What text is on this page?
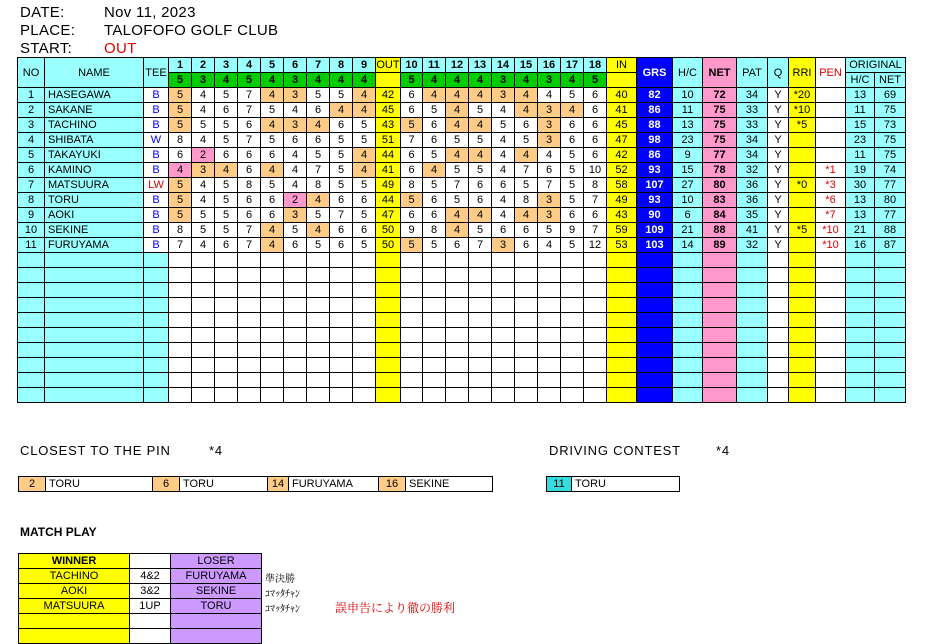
DATE:	Nov 11, 2023
PLACE: TALOFOFO GOLF CLUB
START: OUT
NO	NAME	TEE	1	2	3	4	5	6	7	8	9	OUT	10	11	12	13	14	15	16	17	18	IN	GRS	H/C	NET	PAT	Q	RRI	PEN	ORIGINAL	
			5	3	4	5	4	3	4	4	4		5	4	4	4	3	4	3	4	5									H/C	NET
1	HASEGAWA	B	5	4	5	7	4	3	5	5	4	42	6	4	4	4	3	4	4	5	6	40	82	10	72	34	Y	*20		13	69
2	SAKANE	B	5	4	6	7	5	4	6	4	4	45	6	5	4	5	4	4	3	4	6	41	86	11	75	33	Y	*10		11	75
3	TACHINO	B	5	5	5	6	4	3	4	6	5	43	5	6	4	4	5	6	3	6	6	45	88	13	75	33	Y	*5		15	73
4	SHIBATA	W	8	4	5	7	5	6	6	5	5	51	7	6	5	5	4	5	3	6	6	47	98	23	75	34	Y			23	75
5	TAKAYUKI	B	6	2	6	6	6	4	5	5	4	44	6	5	4	4	4	4	4	5	6	42	86	9	77	34	Y			11	75
6	KAMINO	B	4	3	4	6	4	4	7	5	4	41	6	4	5	5	4	7	6	5	10	52	93	15	78	32	Y		*1	19	74
7	MATSUURA	LW	5	4	5	8	5	4	8	5	5	49	8	5	7	6	6	5	7	5	8	58	107	27	80	36	Y	*0	*3	30	77
8	TORU	B	5	4	5	6	6	2	4	6	6	44	5	6	5	6	4	8	3	5	7	49	93	10	83	36	Y		*6	13	80
9	AOKI	B	5	5	5	6	6	3	5	7	5	47	6	6	4	4	4	4	3	6	6	43	90	6	84	35	Y		*7	13	77
10	SEKINE	B	8	5	5	7	4	5	4	6	6	50	9	8	4	5	6	6	5	9	7	59	109	21	88	41	Y	*5	*10	21	88
11	FURUYAMA	B	7	4	6	7	4	6	5	6	5	50	5	5	6	7	3	6	4	5	12	53	103	14	89	32	Y		*10	16	87

CLOSEST TO THE PIN	*4
2	TORU	6	TORU	14	FURUYAMA	16	SEKINE
DRIVING CONTEST	*4
11	TORU
MATCH PLAY
WINNER		LOSER
TACHINO	4&2	FURUYAMA
AOKI	3&2	SEKINE
MATSUURA	1UP	TORU

準決勝
ｺﾏｯﾀﾁｬﾝ
ｺﾏｯﾀﾁｬﾝ	誤申告により徹の勝利
